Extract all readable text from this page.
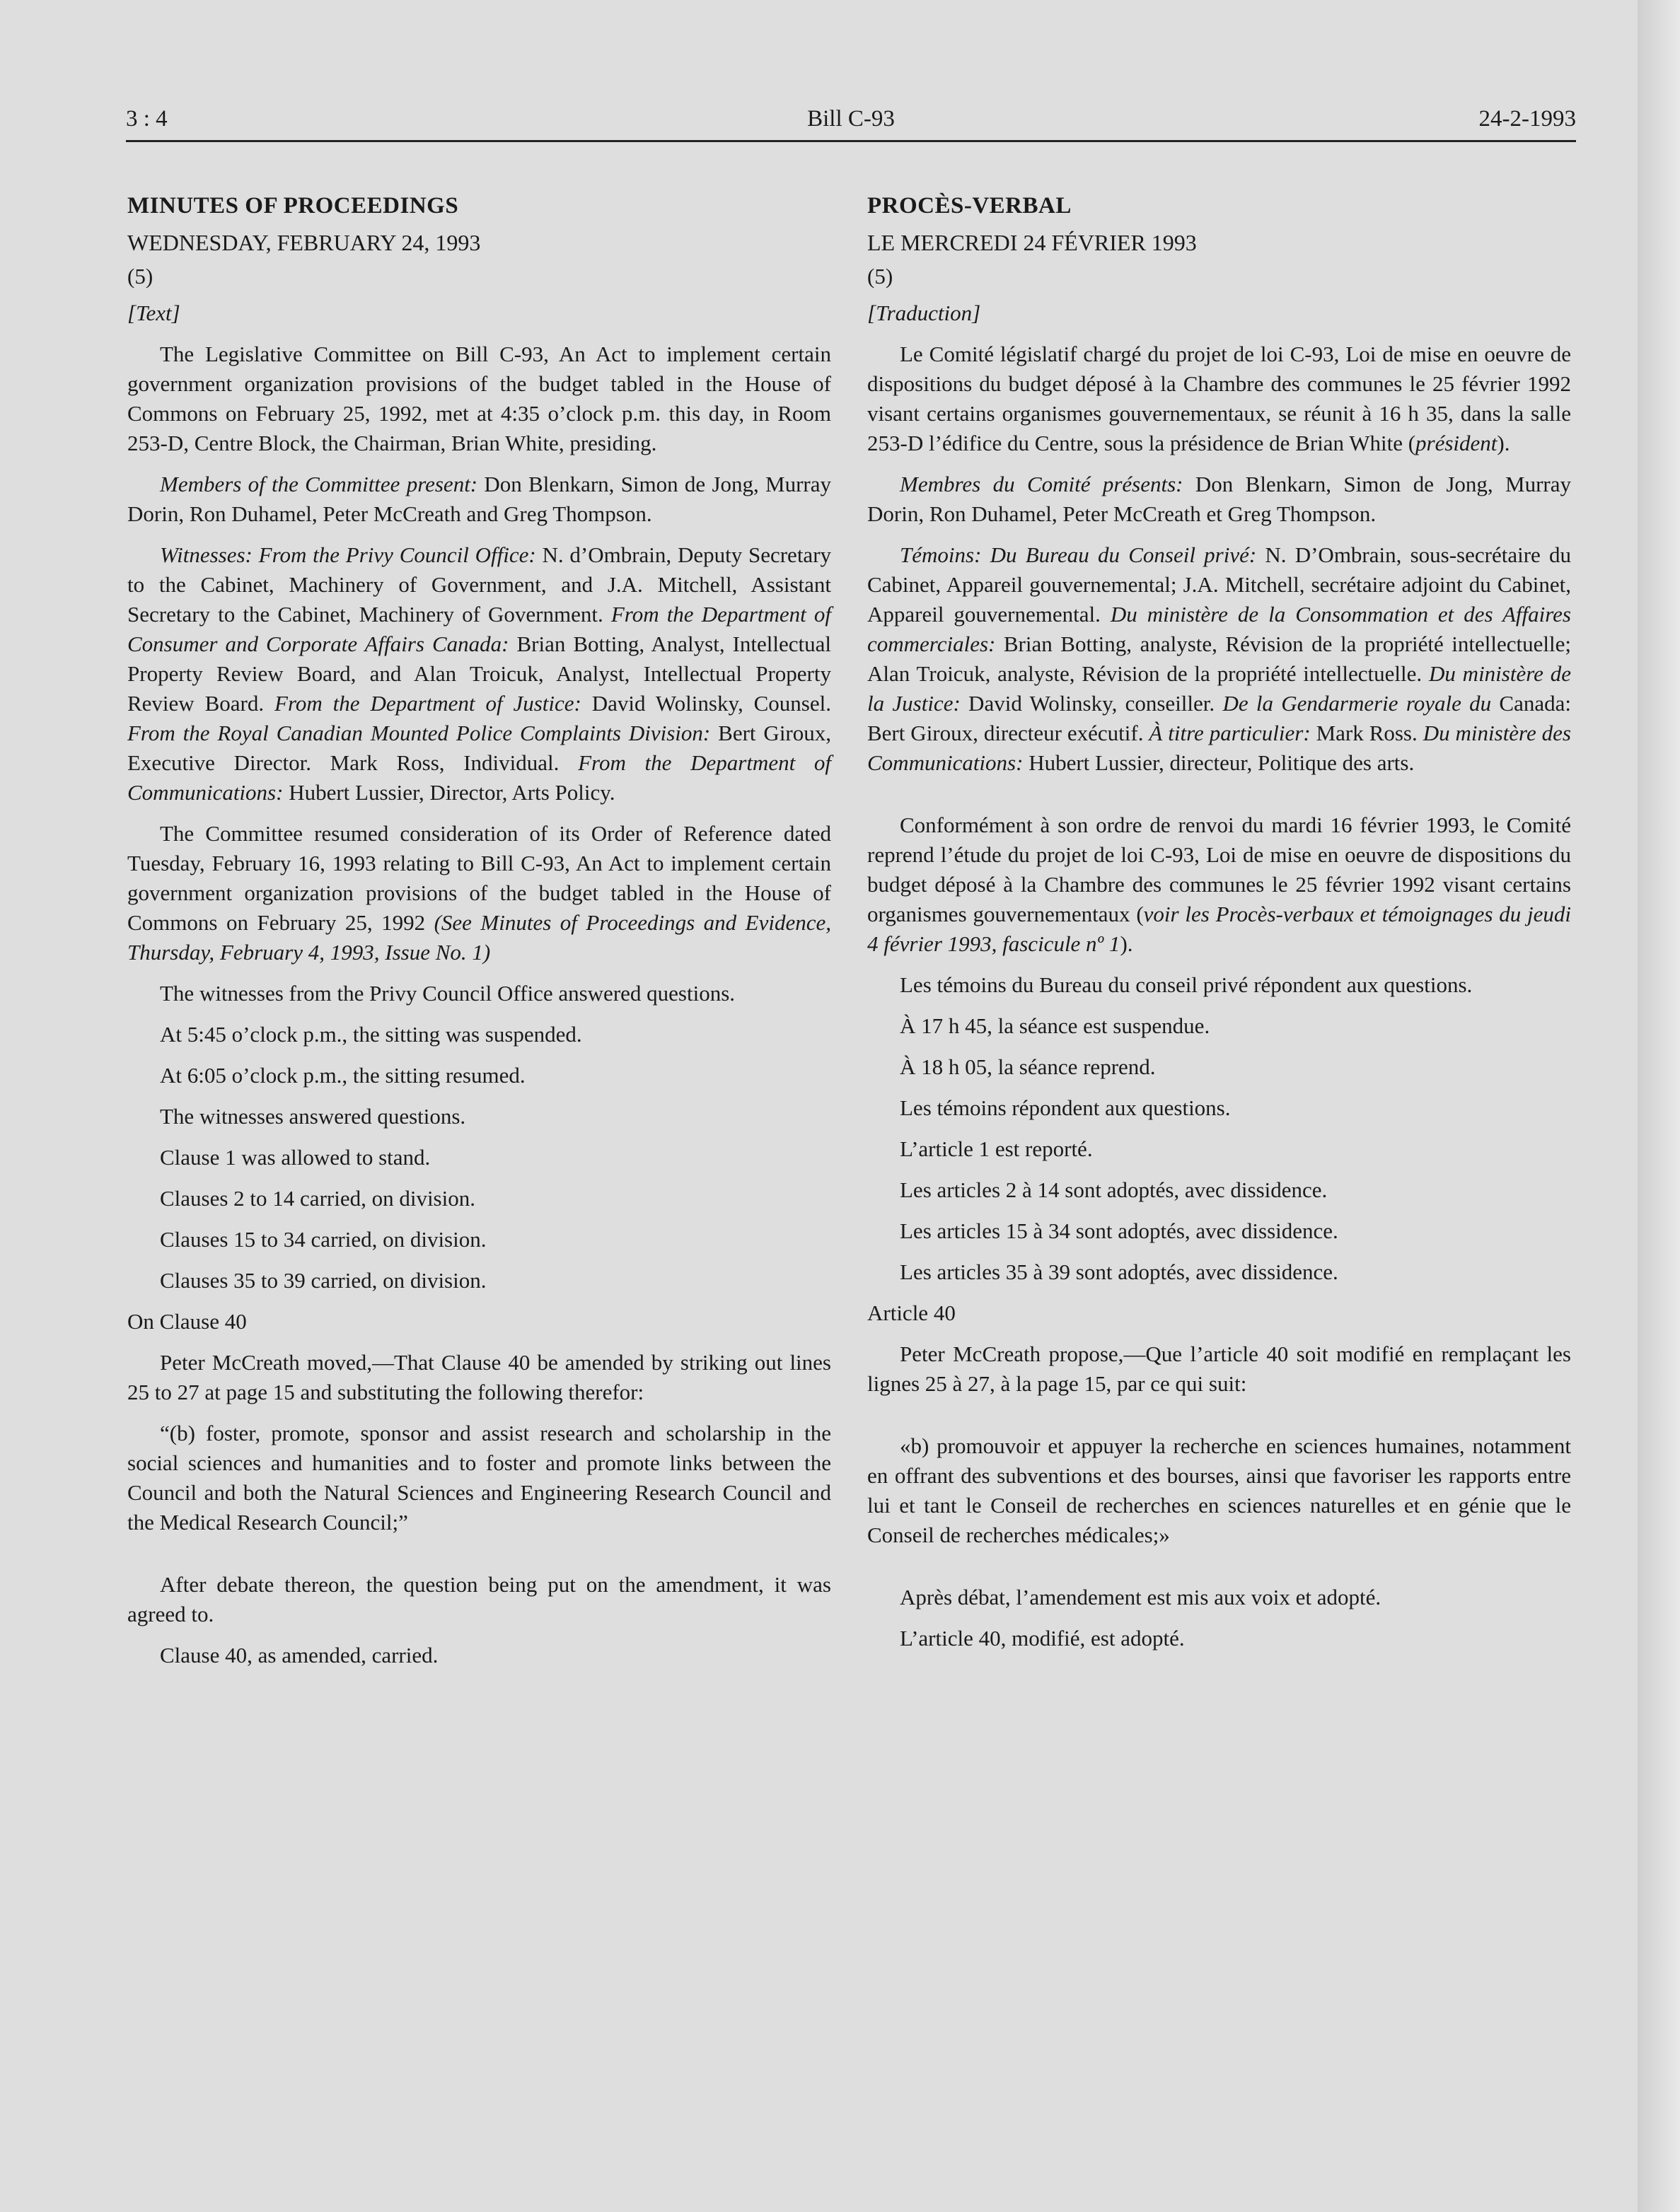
3 : 4	Bill C-93	24-2-1993
MINUTES OF PROCEEDINGS
WEDNESDAY, FEBRUARY 24, 1993
(5)
[Text]

The Legislative Committee on Bill C-93, An Act to implement certain government organization provisions of the budget tabled in the House of Commons on February 25, 1992, met at 4:35 o’clock p.m. this day, in Room 253-D, Centre Block, the Chairman, Brian White, presiding.

Members of the Committee present: Don Blenkarn, Simon de Jong, Murray Dorin, Ron Duhamel, Peter McCreath and Greg Thompson.

Witnesses: From the Privy Council Office: N. d’Ombrain, Deputy Secretary to the Cabinet, Machinery of Government, and J.A. Mitchell, Assistant Secretary to the Cabinet, Machinery of Government. From the Department of Consumer and Corporate Affairs Canada: Brian Botting, Analyst, Intellectual Property Review Board, and Alan Troicuk, Analyst, Intellectual Property Review Board. From the Department of Justice: David Wolinsky, Counsel. From the Royal Canadian Mounted Police Complaints Division: Bert Giroux, Executive Director. Mark Ross, Individual. From the Department of Communications: Hubert Lussier, Director, Arts Policy.

The Committee resumed consideration of its Order of Reference dated Tuesday, February 16, 1993 relating to Bill C-93, An Act to implement certain government organization provisions of the budget tabled in the House of Commons on February 25, 1992 (See Minutes of Proceedings and Evidence, Thursday, February 4, 1993, Issue No. 1)

The witnesses from the Privy Council Office answered questions.

At 5:45 o’clock p.m., the sitting was suspended.

At 6:05 o’clock p.m., the sitting resumed.

The witnesses answered questions.

Clause 1 was allowed to stand.

Clauses 2 to 14 carried, on division.

Clauses 15 to 34 carried, on division.

Clauses 35 to 39 carried, on division.

On Clause 40

Peter McCreath moved,—That Clause 40 be amended by striking out lines 25 to 27 at page 15 and substituting the following therefor:

“(b) foster, promote, sponsor and assist research and scholarship in the social sciences and humanities and to foster and promote links between the Council and both the Natural Sciences and Engineering Research Council and the Medical Research Council;”

After debate thereon, the question being put on the amendment, it was agreed to.

Clause 40, as amended, carried.

PROCÈS-VERBAL
LE MERCREDI 24 FÉVRIER 1993
(5)
[Traduction]

Le Comité législatif chargé du projet de loi C-93, Loi de mise en oeuvre de dispositions du budget déposé à la Chambre des communes le 25 février 1992 visant certains organismes gouvernementaux, se réunit à 16 h 35, dans la salle 253-D l’édifice du Centre, sous la présidence de Brian White (président).

Membres du Comité présents: Don Blenkarn, Simon de Jong, Murray Dorin, Ron Duhamel, Peter McCreath et Greg Thompson.

Témoins: Du Bureau du Conseil privé: N. D’Ombrain, sous-secrétaire du Cabinet, Appareil gouvernemental; J.A. Mitchell, secrétaire adjoint du Cabinet, Appareil gouvernemental. Du ministère de la Consommation et des Affaires commerciales: Brian Botting, analyste, Révision de la propriété intellectuelle; Alan Troicuk, analyste, Révision de la propriété intellectuelle. Du ministère de la Justice: David Wolinsky, conseiller. De la Gendarmerie royale du Canada: Bert Giroux, directeur exécutif. À titre particulier: Mark Ross. Du ministère des Communications: Hubert Lussier, directeur, Politique des arts.

Conformément à son ordre de renvoi du mardi 16 février 1993, le Comité reprend l’étude du projet de loi C-93, Loi de mise en oeuvre de dispositions du budget déposé à la Chambre des communes le 25 février 1992 visant certains organismes gouvernementaux (voir les Procès-verbaux et témoignages du jeudi 4 février 1993, fascicule nº 1).

Les témoins du Bureau du conseil privé répondent aux questions.

À 17 h 45, la séance est suspendue.

À 18 h 05, la séance reprend.

Les témoins répondent aux questions.

L’article 1 est reporté.

Les articles 2 à 14 sont adoptés, avec dissidence.

Les articles 15 à 34 sont adoptés, avec dissidence.

Les articles 35 à 39 sont adoptés, avec dissidence.

Article 40

Peter McCreath propose,—Que l’article 40 soit modifié en remplaçant les lignes 25 à 27, à la page 15, par ce qui suit:

«b) promouvoir et appuyer la recherche en sciences humaines, notamment en offrant des subventions et des bourses, ainsi que favoriser les rapports entre lui et tant le Conseil de recherches en sciences naturelles et en génie que le Conseil de recherches médicales;»

Après débat, l’amendement est mis aux voix et adopté.

L’article 40, modifié, est adopté.
